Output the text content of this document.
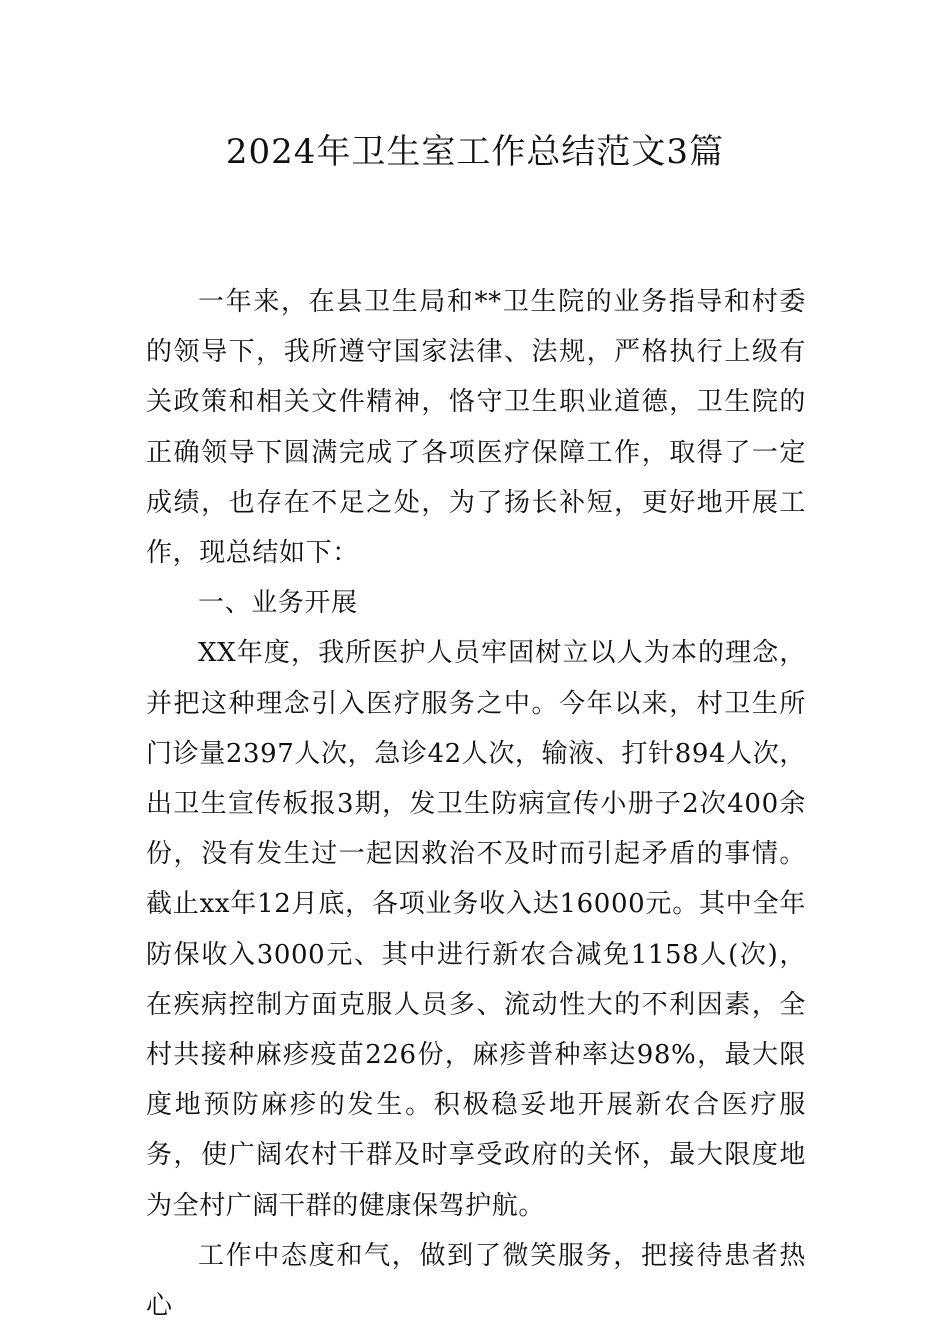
2024年卫生室工作总结范文3篇

一年来，在县卫生局和**卫生院的业务指导和村委的领导下，我所遵守国家法律、法规，严格执行上级有关政策和相关文件精神，恪守卫生职业道德，卫生院的正确领导下圆满完成了各项医疗保障工作，取得了一定成绩，也存在不足之处，为了扬长补短，更好地开展工作，现总结如下：

一、业务开展

XX年度，我所医护人员牢固树立以人为本的理念，并把这种理念引入医疗服务之中。今年以来，村卫生所门诊量2397人次，急诊42人次，输液、打针894人次，出卫生宣传板报3期，发卫生防病宣传小册子2次400余份，没有发生过一起因救治不及时而引起矛盾的事情。截止xx年12月底，各项业务收入达16000元。其中全年防保收入3000元、其中进行新农合减免1158人(次)，在疾病控制方面克服人员多、流动性大的不利因素，全村共接种麻疹疫苗226份，麻疹普种率达98%，最大限度地预防麻疹的发生。积极稳妥地开展新农合医疗服务，使广阔农村干群及时享受政府的关怀，最大限度地为全村广阔干群的健康保驾护航。

工作中态度和气，做到了微笑服务，把接待患者热心
